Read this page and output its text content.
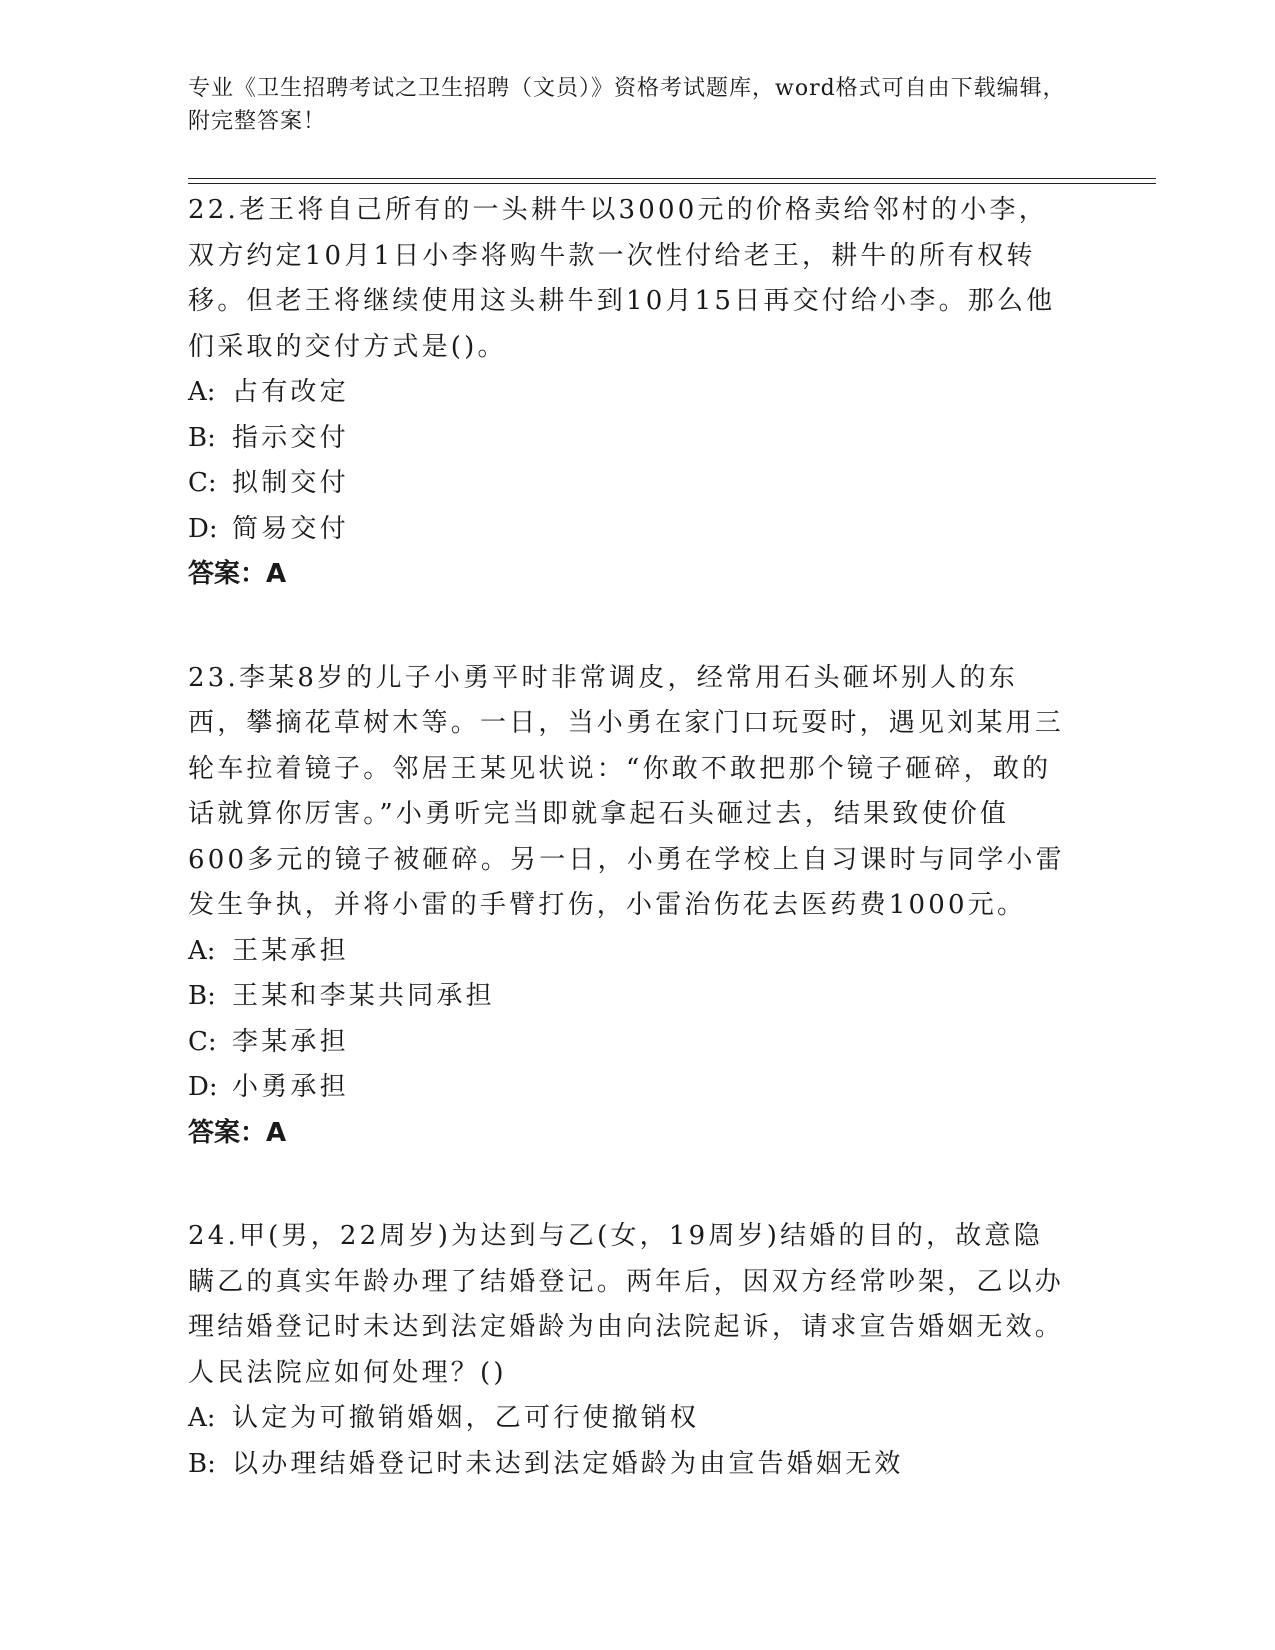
专业《卫生招聘考试之卫生招聘（文员）》资格考试题库，word格式可自由下载编辑，附完整答案！

22.老王将自己所有的一头耕牛以3000元的价格卖给邻村的小李，双方约定10月1日小李将购牛款一次性付给老王，耕牛的所有权转移。但老王将继续使用这头耕牛到10月15日再交付给小李。那么他们采取的交付方式是()。

A: 占有改定

B: 指示交付

C: 拟制交付

D: 简易交付

答案：A

23.李某8岁的儿子小勇平时非常调皮，经常用石头砸坏别人的东西，攀摘花草树木等。一日，当小勇在家门口玩耍时，遇见刘某用三轮车拉着镜子。邻居王某见状说：“你敢不敢把那个镜子砸碎，敢的话就算你厉害。”小勇听完当即就拿起石头砸过去，结果致使价值600多元的镜子被砸碎。另一日，小勇在学校上自习课时与同学小雷发生争执，并将小雷的手臂打伤，小雷治伤花去医药费1000元。

A: 王某承担

B: 王某和李某共同承担

C: 李某承担

D: 小勇承担

答案：A

24.甲(男，22周岁)为达到与乙(女，19周岁)结婚的目的，故意隐瞒乙的真实年龄办理了结婚登记。两年后，因双方经常吵架，乙以办理结婚登记时未达到法定婚龄为由向法院起诉，请求宣告婚姻无效。人民法院应如何处理？()

A: 认定为可撤销婚姻，乙可行使撤销权

B: 以办理结婚登记时未达到法定婚龄为由宣告婚姻无效
